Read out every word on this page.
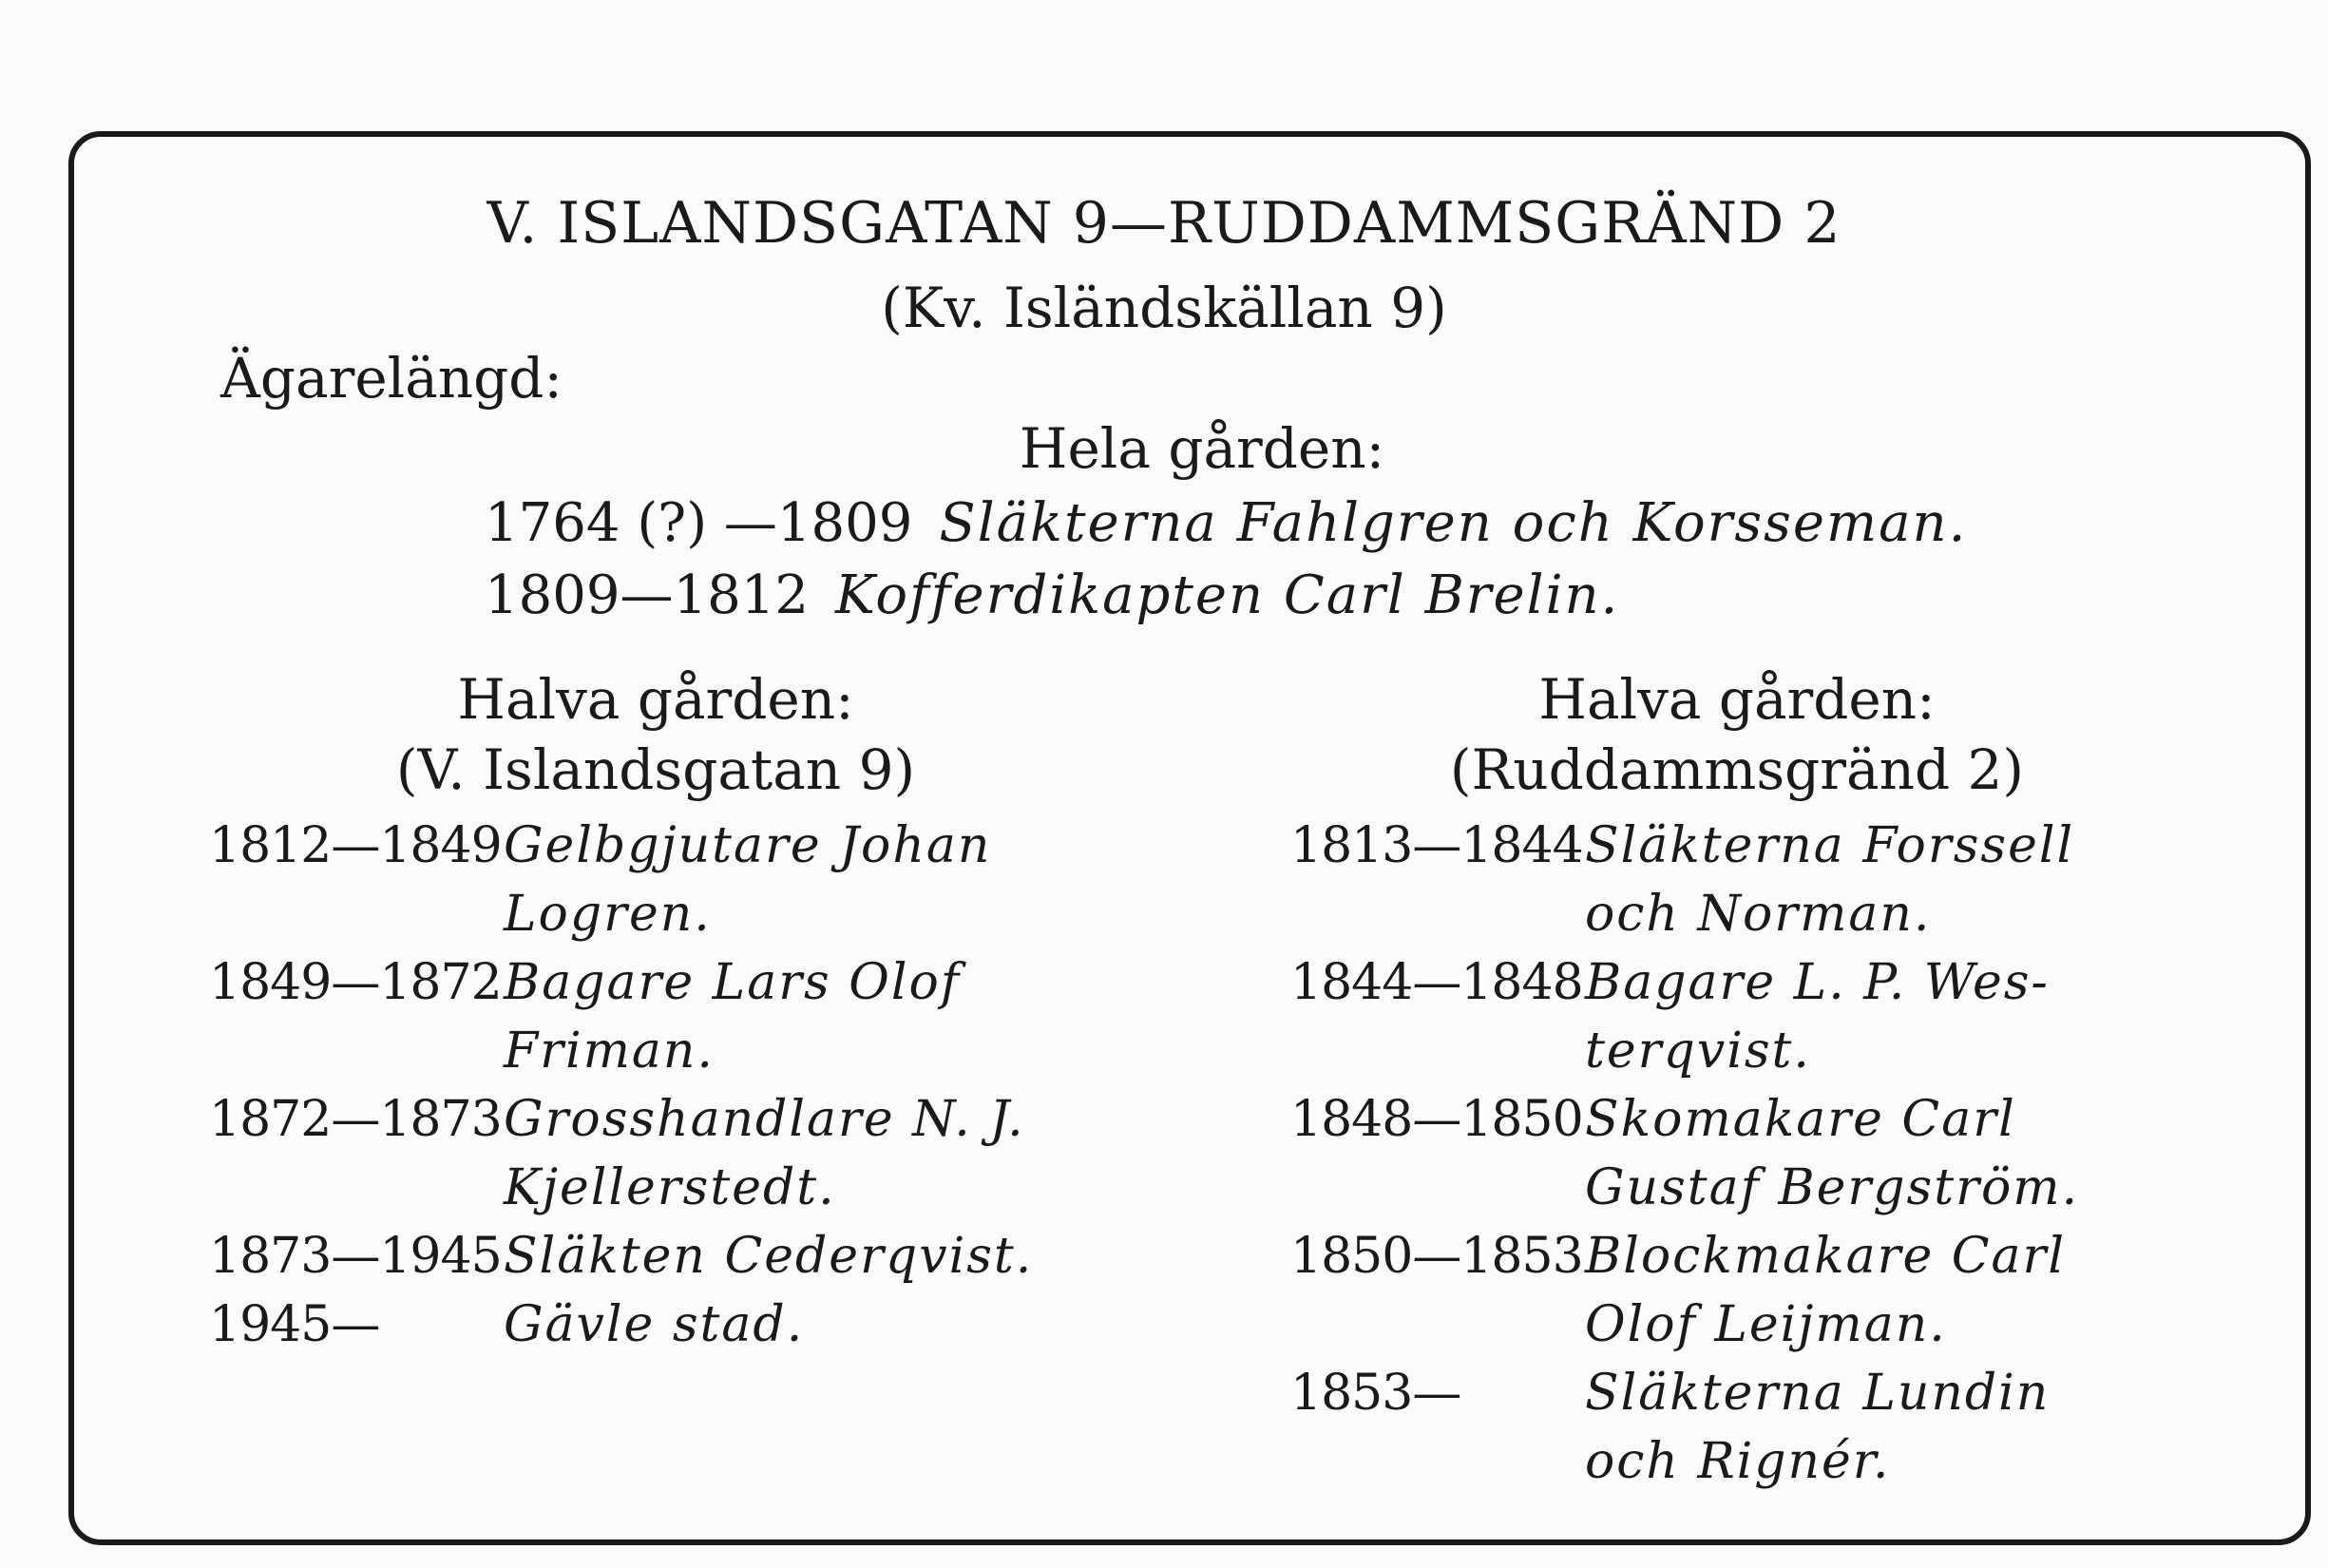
V. ISLANDSGATAN 9—RUDDAMMSGRÄND 2
(Kv. Isländskällan 9)
Ägarelängd:
Hela gården:
1764 (?) —1809 Släkterna Fahlgren och Korsseman.
1809—1812 Kofferdikapten Carl Brelin.
Halva gården:
(V. Islandsgatan 9)
1812—1849 Gelbgjutare Johan
Logren.
1849—1872 Bagare Lars Olof
Friman.
1872—1873 Grosshandlare N. J.
Kjellerstedt.
1873—1945 Släkten Cederqvist.
1945—	Gävle stad.
Halva gården:
(Ruddammsgränd 2)
1813—1844 Släkterna Forssell
och Norman.
1844—1848 Bagare L. P. Wes-
terqvist.
1848—1850 Skomakare Carl
Gustaf Bergström.
1850—1853 Blockmakare Carl
Olof Leijman.
1853—	Släkterna Lundin
och Rignér.
